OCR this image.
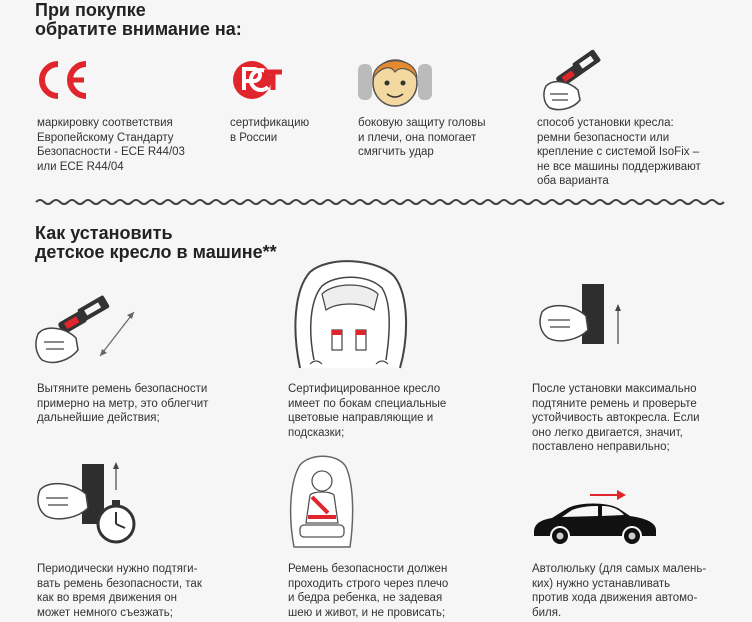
При покупке
обратите внимание на:

маркировку соответствия
Европейскому Стандарту
Безопасности - ECE R44/03
или ECE R44/04

сертификацию
в России

боковую защиту головы
и плечи, она помогает
смягчить удар

способ установки кресла:
ремни безопасности или
крепление с системой IsoFix –
не все машины поддерживают
оба варианта

Как установить
детское кресло в машине**

Вытяните ремень безопасности
примерно на метр, это облегчит
дальнейшие действия;

Сертифицированное кресло
имеет по бокам специальные
цветовые направляющие и
подсказки;

После установки максимально
подтяните ремень и проверьте
устойчивость автокресла. Если
оно легко двигается, значит,
поставлено неправильно;

Периодически нужно подтяги-
вать ремень безопасности, так
как во время движения он
может немного съезжать;

Ремень безопасности должен
проходить строго через плечо
и бедра ребенка, не задевая
шею и живот, и не провисать;

Автолюльку (для самых малень-
ких) нужно устанавливать
против хода движения автомо-
биля.
